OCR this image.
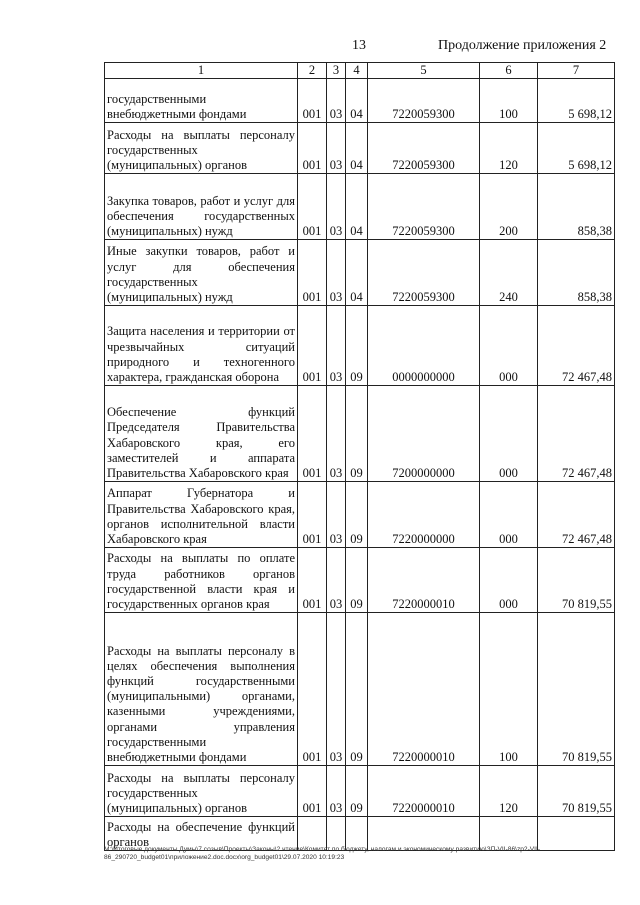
13	Продолжение приложения 2
1	2	3	4	5	6	7
государственными внебюджетными фондами	001	03	04	7220059300	100	5 698,12
Расходы на выплаты персоналу государственных (муниципальных) органов	001	03	04	7220059300	120	5 698,12
Закупка товаров, работ и услуг для обеспечения государственных (муниципальных) нужд	001	03	04	7220059300	200	858,38
Иные закупки товаров, работ и услуг для обеспечения государственных (муниципальных) нужд	001	03	04	7220059300	240	858,38
Защита населения и территории от чрезвычайных ситуаций природного и техногенного характера, гражданская оборона	001	03	09	0000000000	000	72 467,48
Обеспечение функций Председателя Правительства Хабаровского края, его заместителей и аппарата Правительства Хабаровского края	001	03	09	7200000000	000	72 467,48
Аппарат Губернатора и Правительства Хабаровского края, органов исполнительной власти Хабаровского края	001	03	09	7220000000	000	72 467,48
Расходы на выплаты по оплате труда работников органов государственной власти края и государственных органов края	001	03	09	7220000010	000	70 819,55
Расходы на выплаты персоналу в целях обеспечения выполнения функций государственными (муниципальными) органами, казенными учреждениями, органами управления государственными внебюджетными фондами	001	03	09	7220000010	100	70 819,55
Расходы на выплаты персоналу государственных (муниципальных) органов	001	03	09	7220000010	120	70 819,55
Расходы на обеспечение функций органов						
M:\Итоговые документы Думы\7 созыв\Проекты\Законы\2 чтение\Комитет по бюджету, налогам и экономическому развитию\ЗП-VII-86\zp2-VII-86_290720_budget01\приложение2.doc.docx\org_budget01\29.07.2020 10:19:23
